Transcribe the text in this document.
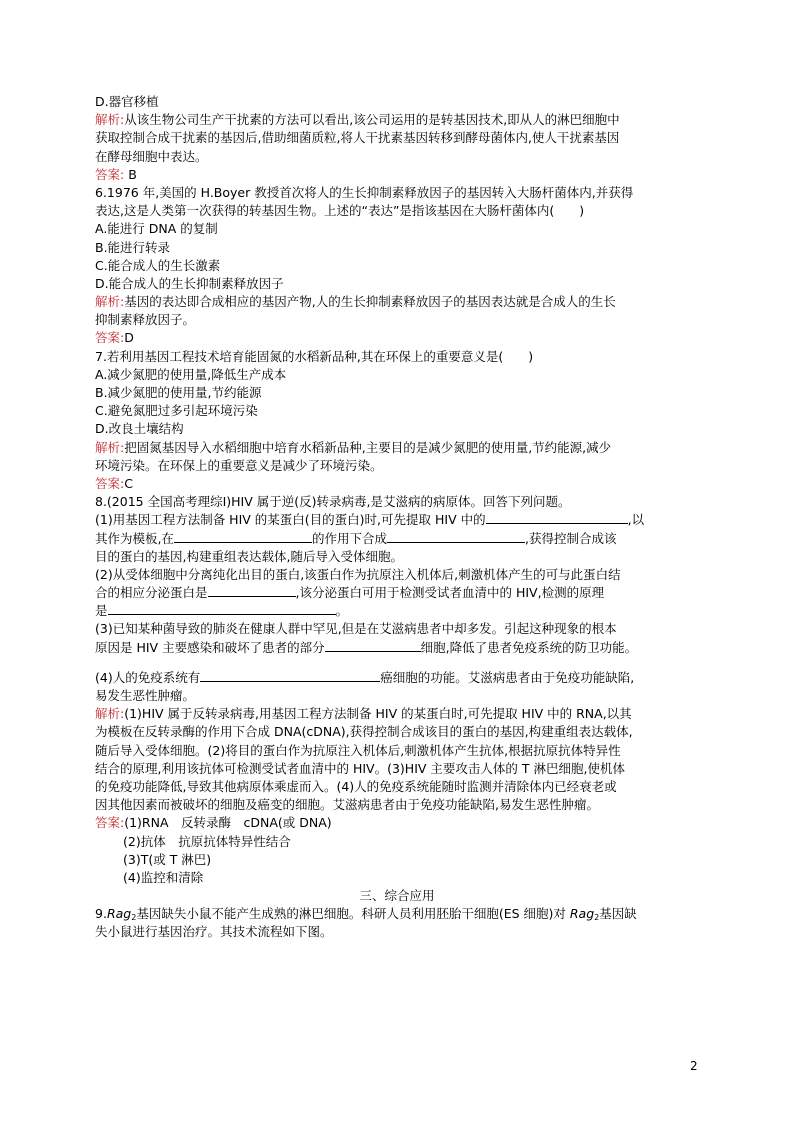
D.器官移植
解析:从该生物公司生产干扰素的方法可以看出,该公司运用的是转基因技术,即从人的淋巴细胞中
获取控制合成干扰素的基因后,借助细菌质粒,将人干扰素基因转移到酵母菌体内,使人干扰素基因
在酵母细胞中表达。
答案: B
6.1976 年,美国的 H.Boyer 教授首次将人的生长抑制素释放因子的基因转入大肠杆菌体内,并获得
表达,这是人类第一次获得的转基因生物。上述的“表达”是指该基因在大肠杆菌体内(　　)
A.能进行 DNA 的复制
B.能进行转录
C.能合成人的生长激素
D.能合成人的生长抑制素释放因子
解析:基因的表达即合成相应的基因产物,人的生长抑制素释放因子的基因表达就是合成人的生长
抑制素释放因子。
答案:D
7.若利用基因工程技术培育能固氮的水稻新品种,其在环保上的重要意义是(　　)
A.减少氮肥的使用量,降低生产成本
B.减少氮肥的使用量,节约能源
C.避免氮肥过多引起环境污染
D.改良土壤结构
解析:把固氮基因导入水稻细胞中培育水稻新品种,主要目的是减少氮肥的使用量,节约能源,减少
环境污染。在环保上的重要意义是减少了环境污染。
答案:C
8.(2015 全国高考理综Ⅰ)HIV 属于逆(反)转录病毒,是艾滋病的病原体。回答下列问题。
(1)用基因工程方法制备 HIV 的某蛋白(目的蛋白)时,可先提取 HIV 中的	,以
其作为模板,在	的作用下合成	,获得控制合成该
目的蛋白的基因,构建重组表达载体,随后导入受体细胞。
(2)从受体细胞中分离纯化出目的蛋白,该蛋白作为抗原注入机体后,刺激机体产生的可与此蛋白结
合的相应分泌蛋白是	,该分泌蛋白可用于检测受试者血清中的 HIV,检测的原理
是	。
(3)已知某种菌导致的肺炎在健康人群中罕见,但是在艾滋病患者中却多发。引起这种现象的根本
原因是 HIV 主要感染和破坏了患者的部分	细胞,降低了患者免疫系统的防卫功能。
(4)人的免疫系统有	癌细胞的功能。艾滋病患者由于免疫功能缺陷,
易发生恶性肿瘤。
解析:(1)HIV 属于反转录病毒,用基因工程方法制备 HIV 的某蛋白时,可先提取 HIV 中的 RNA,以其
为模板在反转录酶的作用下合成 DNA(cDNA),获得控制合成该目的蛋白的基因,构建重组表达载体,
随后导入受体细胞。(2)将目的蛋白作为抗原注入机体后,刺激机体产生抗体,根据抗原抗体特异性
结合的原理,利用该抗体可检测受试者血清中的 HIV。(3)HIV 主要攻击人体的 T 淋巴细胞,使机体
的免疫功能降低,导致其他病原体乘虚而入。(4)人的免疫系统能随时监测并清除体内已经衰老或
因其他因素而被破坏的细胞及癌变的细胞。艾滋病患者由于免疫功能缺陷,易发生恶性肿瘤。
答案:(1)RNA　反转录酶　cDNA(或 DNA)
(2)抗体　抗原抗体特异性结合
(3)T(或 T 淋巴)
(4)监控和清除
三、综合应用
9.Rag$_2$基因缺失小鼠不能产生成熟的淋巴细胞。科研人员利用胚胎干细胞(ES 细胞)对 Rag$_2$基因缺
失小鼠进行基因治疗。其技术流程如下图。
2
